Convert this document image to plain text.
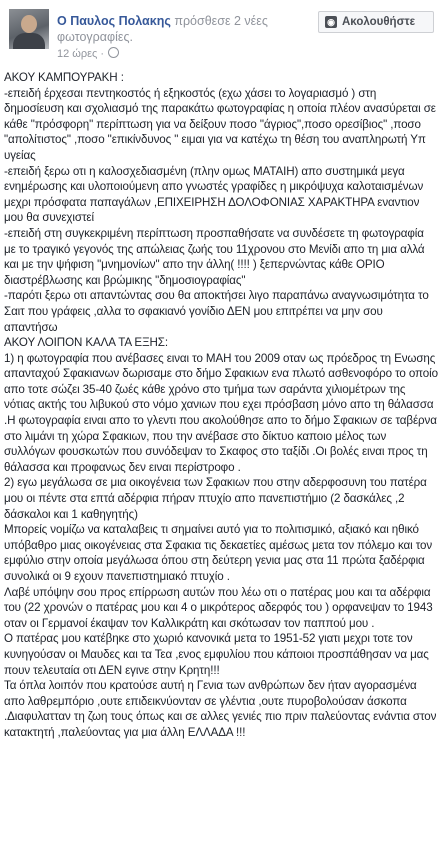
Ο Παυλος Πολακης πρόσθεσε 2 νέες φωτογραφίες.
12 ώρες ·
◉ Ακολουθήστε
ΑΚΟΥ ΚΑΜΠΟΥΡΑΚΗ :
-επειδή έρχεσαι πεντηκοστός ή εξηκοστός (εχω χάσει το λογαριασμό ) στη δημοσίευση και σχολιασμό της παρακάτω φωτογραφίας η οποία πλέον ανασύρεται σε κάθε "πρόσφορη" περίπτωση για να δείξουν ποσο "άγριος",ποσο ορεσίβιος" ,ποσο "απολίτιστος" ,ποσο "επικίνδυνος " ειμαι για να κατέχω τη θέση του αναπληρωτή Υπ υγείας
-επειδή ξερω οτι η καλοσχεδιασμένη (πλην ομως ΜΑΤΑΙΗ) απο συστημικά μεγα ενημέρωσης και υλοποιούμενη απο γνωστές γραφίδες η μικρόψυχα καλοταισμένων μεχρι πρόσφατα παπαγάλων ,ΕΠΙΧΕΙΡΗΣΗ ΔΟΛΟΦΟΝΙΑΣ ΧΑΡΑΚΤΗΡΑ εναντιον μου θα συνεχιστεί
-επειδή στη συγκεκριμένη περίπτωση προσπαθήσατε να συνδέσετε τη φωτογραφία με το τραγικό γεγονός της απώλειας ζωής του 11χρονου στο Μενίδι απο τη μια αλλά και με την ψήφιση "μνημονίων" απο την άλλη( !!!! ) ξεπερνώντας κάθε ΟΡΙΟ διαστρέβλωσης και βρώμικης "δημοσιογραφίας"
-παρότι ξερω οτι απαντώντας σου θα αποκτήσει λιγο παραπάνω αναγνωσιμότητα το Σαιτ που γράφεις ,αλλα το σφακιανό γονίδιο ΔΕΝ μου επιτρέπει να μην σου απαντήσω
ΑΚΟΥ ΛΟΙΠΟΝ ΚΑΛΑ ΤΑ ΕΞΗΣ:
1) η φωτογραφία που ανέβασες ειναι το ΜΑΗ του 2009 οταν ως πρόεδρος τη Ενωσης απανταχού Σφακιανων δωρισαμε στο δήμο Σφακιων ενα πλωτό ασθενοφόρο το οποίο απο τοτε σώζει 35-40 ζωές κάθε χρόνο στο τμήμα των σαράντα χιλιομέτρων της νότιας ακτής του λιβυκού στο νόμο χανιων που εχει πρόσβαση μόνο απο τη θάλασσα .Η φωτογραφία ειναι απο το γλεντι που ακολούθησε απο το δήμο Σφακιων σε ταβέρνα στο λιμάνι τη χώρα Σφακιων, που την ανέβασε στο δίκτυο καποιο μέλος των συλλόγων φουσκωτών που συνόδεψαν το Σκαφος στο ταξίδι .Οι βολές ειναι προς τη θάλασσα και προφανως δεν ειναι περίστροφο .
2) εγω μεγάλωσα σε μια οικογένεια των Σφακιων που στην αδερφοσυνη του πατέρα μου οι πέντε στα επτά αδέρφια πήραν πτυχίο απο πανεπιστήμιο (2 δασκάλες ,2 δάσκαλοι και 1 καθηγητής)
Μπορείς νομίζω να καταλαβεις τι σημαίνει αυτό για το πολιτισμικό, αξιακό και ηθικό υπόβαθρο μιας οικογένειας στα Σφακια τις δεκαετίες αμέσως μετα τον πόλεμο και τον εμφύλιο στην οποία μεγάλωσα όπου στη δεύτερη γενια μας στα 11 πρώτα ξαδέρφια συνολικά οι 9 εχουν πανεπιστημιακό πτυχίο .
Λαβέ υπόψην σου προς επίρρωση αυτών που λέω οτι ο πατέρας μου και τα αδέρφια του (22 χρονών ο πατέρας μου και 4 ο μικρότερος αδερφός του ) ορφανεψαν το 1943 οταν οι Γερμανοί έκαψαν τον Καλλικράτη και σκότωσαν τον παππού μου .
Ο πατέρας μου κατέβηκε στο χωριό κανονικά μετα το 1951-52 γιατι μεχρι τοτε τον κυνηγούσαν οι Μαυδες και τα Τεα ,ενος εμφυλίου που κάποιοι προσπάθησαν να μας πουν τελευταία οτι ΔΕΝ εγινε στην Κρητη!!!
Τα όπλα λοιπόν που κρατούσε αυτή η Γενια των ανθρώπων δεν ήταν αγορασμένα απο λαθρεμπόριο ,ουτε επιδεικνύονταν σε γλέντια ,ουτε πυροβολούσαν άσκοπα .Διαφυλατταν τη ζωη τους όπως και σε αλλες γενιές πιο πριν παλεύοντας ενάντια στον κατακτητή ,παλεύοντας για μια άλλη ΕΛΛΑΔΑ !!!
